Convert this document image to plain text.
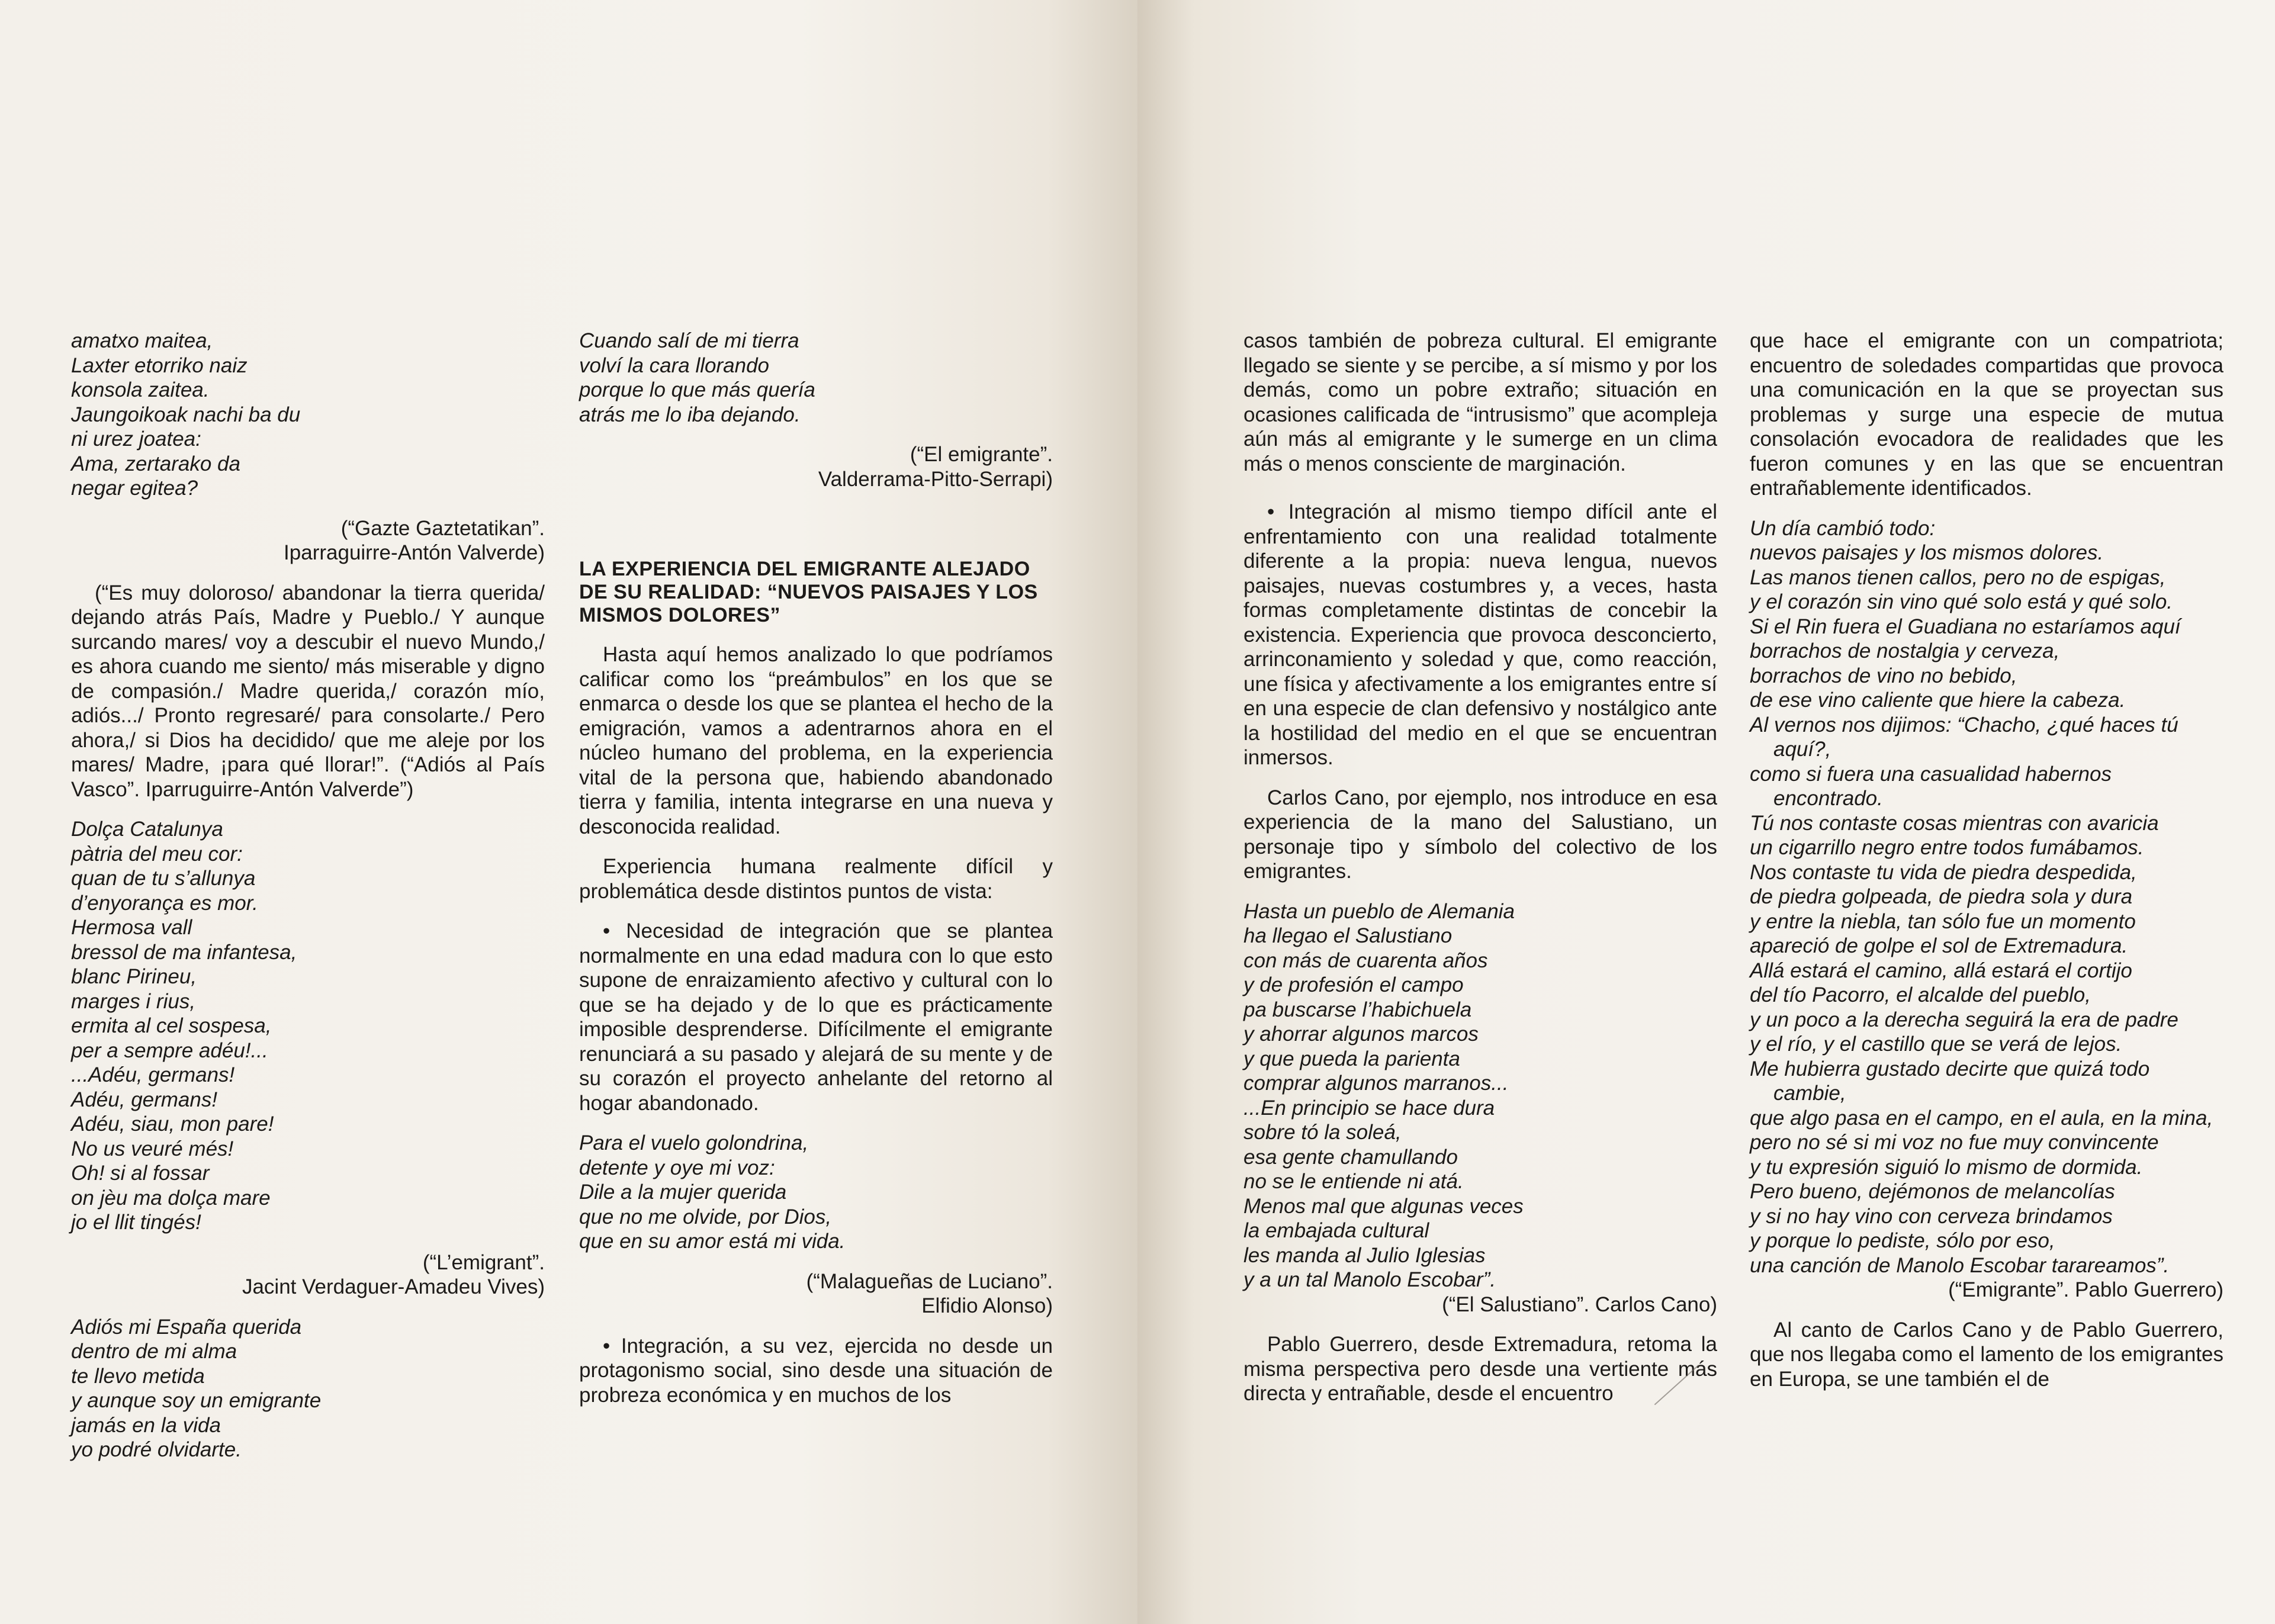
amatxo maitea,

Laxter etorriko naiz

konsola zaitea.

Jaungoikoak nachi ba du

ni urez joatea:

Ama, zertarako da

negar egitea?

(“Gazte Gaztetatikan”.

Iparraguirre-Antón Valverde)

(“Es muy doloroso/ abandonar la tierra querida/ dejando atrás País, Madre y Pueblo./ Y aunque surcando mares/ voy a descubir el nuevo Mundo,/ es ahora cuando me siento/ más miserable y digno de compasión./ Madre querida,/ corazón mío, adiós.../ Pronto regresaré/ para consolarte./ Pero ahora,/ si Dios ha decidido/ que me aleje por los mares/ Madre, ¡para qué llorar!”. (“Adiós al País Vasco”. Iparruguirre-Antón Valverde”)

Dolça Catalunya

pàtria del meu cor:

quan de tu s’allunya

d’enyorança es mor.

Hermosa vall

bressol de ma infantesa,

blanc Pirineu,

marges i rius,

ermita al cel sospesa,

per a sempre adéu!...

...Adéu, germans!

Adéu, germans!

Adéu, siau, mon pare!

No us veuré més!

Oh! si al fossar

on jèu ma dolça mare

jo el llit tingés!

(“L’emigrant”.

Jacint Verdaguer-Amadeu Vives)

Adiós mi España querida

dentro de mi alma

te llevo metida

y aunque soy un emigrante

jamás en la vida

yo podré olvidarte.

Cuando salí de mi tierra

volví la cara llorando

porque lo que más quería

atrás me lo iba dejando.

(“El emigrante”.

Valderrama-Pitto-Serrapi)

LA EXPERIENCIA DEL EMIGRANTE ALEJADO DE SU REALIDAD: “NUEVOS PAISAJES Y LOS MISMOS DOLORES”

Hasta aquí hemos analizado lo que podríamos calificar como los “preámbulos” en los que se enmarca o desde los que se plantea el hecho de la emigración, vamos a adentrarnos ahora en el núcleo humano del problema, en la experiencia vital de la persona que, habiendo abandonado tierra y familia, intenta integrarse en una nueva y desconocida realidad.

Experiencia humana realmente difícil y problemática desde distintos puntos de vista:

• Necesidad de integración que se plantea normalmente en una edad madura con lo que esto supone de enraizamiento afectivo y cultural con lo que se ha dejado y de lo que es prácticamente imposible desprenderse. Difícilmente el emigrante renunciará a su pasado y alejará de su mente y de su corazón el proyecto anhelante del retorno al hogar abandonado.

Para el vuelo golondrina,

detente y oye mi voz:

Dile a la mujer querida

que no me olvide, por Dios,

que en su amor está mi vida.

(“Malagueñas de Luciano”.

Elfidio Alonso)

• Integración, a su vez, ejercida no desde un protagonismo social, sino desde una situación de probreza económica y en muchos de los

casos también de pobreza cultural. El emigrante llegado se siente y se percibe, a sí mismo y por los demás, como un pobre extraño; situación en ocasiones calificada de “intrusismo” que acompleja aún más al emigrante y le sumerge en un clima más o menos consciente de marginación.

• Integración al mismo tiempo difícil ante el enfrentamiento con una realidad totalmente diferente a la propia: nueva lengua, nuevos paisajes, nuevas costumbres y, a veces, hasta formas completamente distintas de concebir la existencia. Experiencia que provoca desconcierto, arrinconamiento y soledad y que, como reacción, une física y afectivamente a los emigrantes entre sí en una especie de clan defensivo y nostálgico ante la hostilidad del medio en el que se encuentran inmersos.

Carlos Cano, por ejemplo, nos introduce en esa experiencia de la mano del Salustiano, un personaje tipo y símbolo del colectivo de los emigrantes.

Hasta un pueblo de Alemania

ha llegao el Salustiano

con más de cuarenta años

y de profesión el campo

pa buscarse l’habichuela

y ahorrar algunos marcos

y que pueda la parienta

comprar algunos marranos...

...En principio se hace dura

sobre tó la soleá,

esa gente chamullando

no se le entiende ni atá.

Menos mal que algunas veces

la embajada cultural

les manda al Julio Iglesias

y a un tal Manolo Escobar”.

(“El Salustiano”. Carlos Cano)

Pablo Guerrero, desde Extremadura, retoma la misma perspectiva pero desde una vertiente más directa y entrañable, desde el encuentro

que hace el emigrante con un compatriota; encuentro de soledades compartidas que provoca una comunicación en la que se proyectan sus problemas y surge una especie de mutua consolación evocadora de realidades que les fueron comunes y en las que se encuentran entrañablemente identificados.

Un día cambió todo:

nuevos paisajes y los mismos dolores.

Las manos tienen callos, pero no de espigas,

y el corazón sin vino qué solo está y qué solo.

Si el Rin fuera el Guadiana no estaríamos aquí

borrachos de nostalgia y cerveza,

borrachos de vino no bebido,

de ese vino caliente que hiere la cabeza.

Al vernos nos dijimos: “Chacho, ¿qué haces tú aquí?,

como si fuera una casualidad habernos encontrado.

Tú nos contaste cosas mientras con avaricia

un cigarrillo negro entre todos fumábamos.

Nos contaste tu vida de piedra despedida,

de piedra golpeada, de piedra sola y dura

y entre la niebla, tan sólo fue un momento

apareció de golpe el sol de Extremadura.

Allá estará el camino, allá estará el cortijo

del tío Pacorro, el alcalde del pueblo,

y un poco a la derecha seguirá la era de padre

y el río, y el castillo que se verá de lejos.

Me hubierra gustado decirte que quizá todo cambie,

que algo pasa en el campo, en el aula, en la mina,

pero no sé si mi voz no fue muy convincente

y tu expresión siguió lo mismo de dormida.

Pero bueno, dejémonos de melancolías

y si no hay vino con cerveza brindamos

y porque lo pediste, sólo por eso,

una canción de Manolo Escobar tarareamos”.

(“Emigrante”. Pablo Guerrero)

Al canto de Carlos Cano y de Pablo Guerrero, que nos llegaba como el lamento de los emigrantes en Europa, se une también el de
